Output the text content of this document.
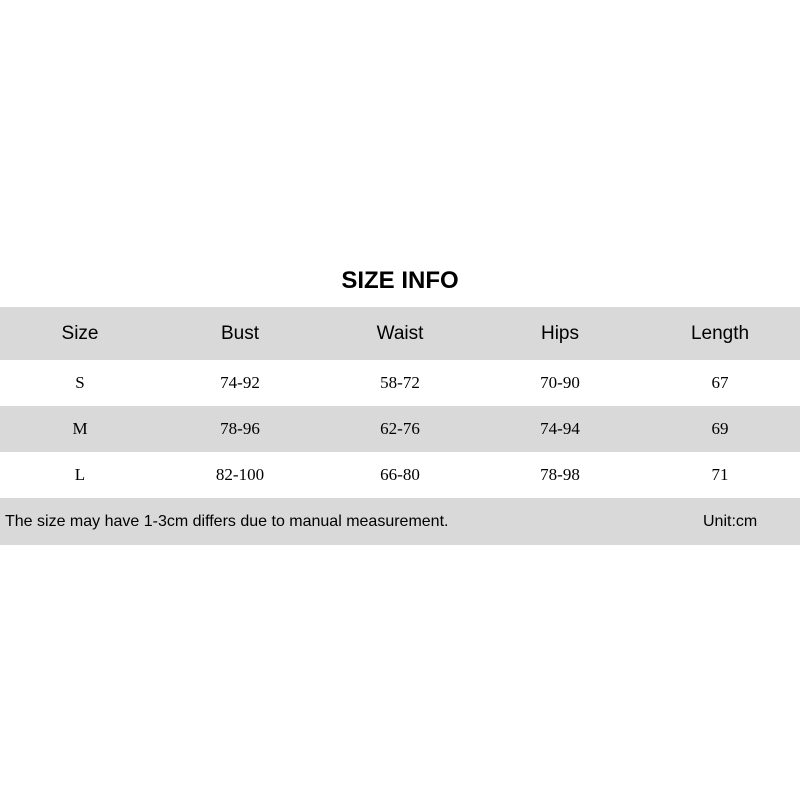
SIZE INFO
Size	Bust	Waist	Hips	Length
S	74-92	58-72	70-90	67
M	78-96	62-76	74-94	69
L	82-100	66-80	78-98	71
The size may have 1-3cm differs due to manual measurement.	Unit:cm
